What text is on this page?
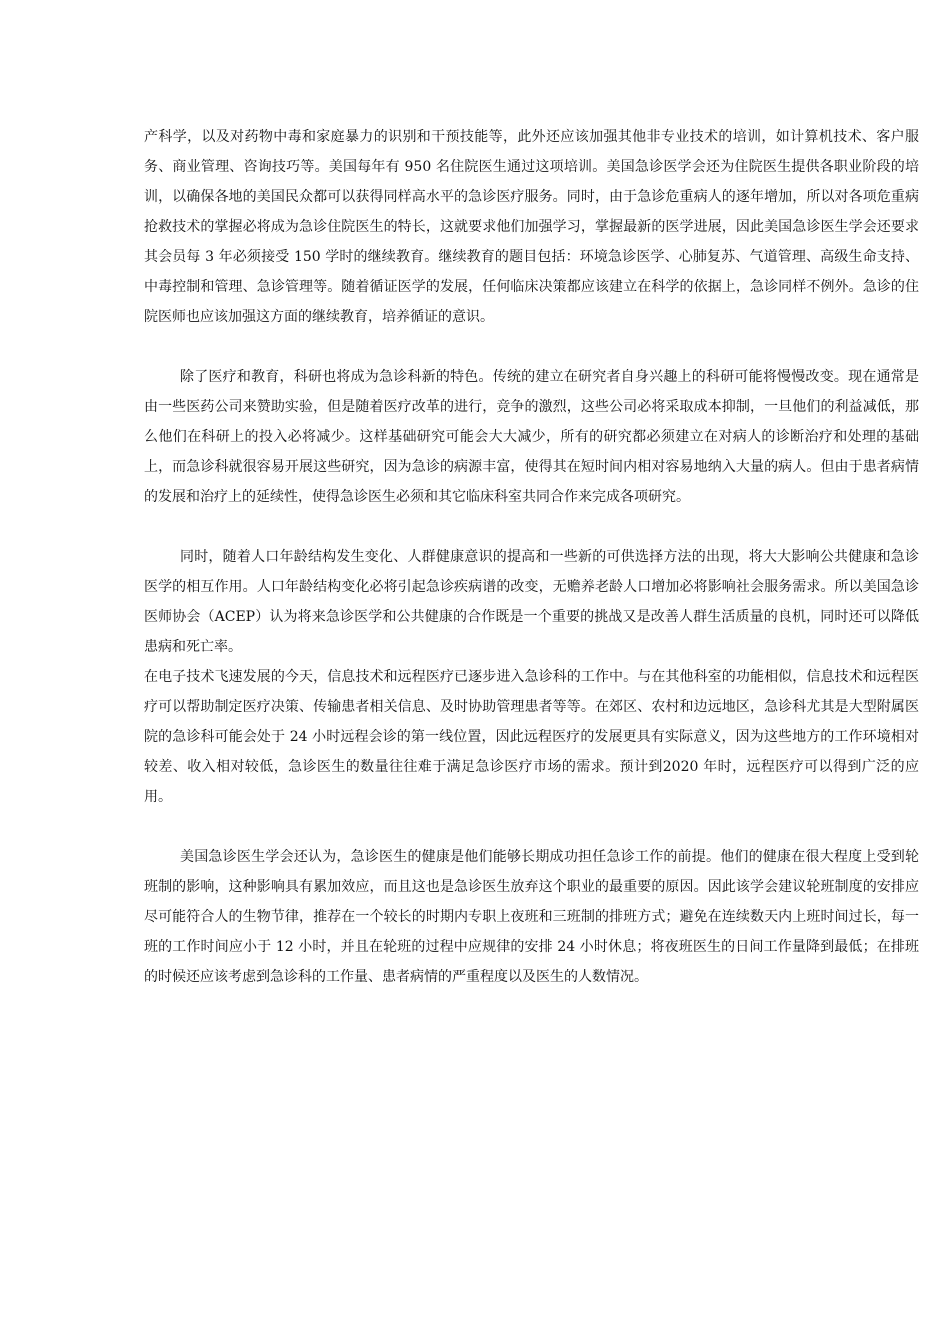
产科学，以及对药物中毒和家庭暴力的识别和干预技能等，此外还应该加强其他非专业技术的培训，如计算机技术、客户服务、商业管理、咨询技巧等。美国每年有 950 名住院医生通过这项培训。美国急诊医学会还为住院医生提供各职业阶段的培训，以确保各地的美国民众都可以获得同样高水平的急诊医疗服务。同时，由于急诊危重病人的逐年增加，所以对各项危重病抢救技术的掌握必将成为急诊住院医生的特长，这就要求他们加强学习，掌握最新的医学进展，因此美国急诊医生学会还要求其会员每 3 年必须接受 150 学时的继续教育。继续教育的题目包括：环境急诊医学、心肺复苏、气道管理、高级生命支持、中毒控制和管理、急诊管理等。随着循证医学的发展，任何临床决策都应该建立在科学的依据上，急诊同样不例外。急诊的住院医师也应该加强这方面的继续教育，培养循证的意识。

除了医疗和教育，科研也将成为急诊科新的特色。传统的建立在研究者自身兴趣上的科研可能将慢慢改变。现在通常是由一些医药公司来赞助实验，但是随着医疗改革的进行，竞争的激烈，这些公司必将采取成本抑制，一旦他们的利益减低，那么他们在科研上的投入必将减少。这样基础研究可能会大大减少，所有的研究都必须建立在对病人的诊断治疗和处理的基础上，而急诊科就很容易开展这些研究，因为急诊的病源丰富，使得其在短时间内相对容易地纳入大量的病人。但由于患者病情的发展和治疗上的延续性，使得急诊医生必须和其它临床科室共同合作来完成各项研究。

同时，随着人口年龄结构发生变化、人群健康意识的提高和一些新的可供选择方法的出现，将大大影响公共健康和急诊医学的相互作用。人口年龄结构变化必将引起急诊疾病谱的改变，无赡养老龄人口增加必将影响社会服务需求。所以美国急诊医师协会（ACEP）认为将来急诊医学和公共健康的合作既是一个重要的挑战又是改善人群生活质量的良机，同时还可以降低患病和死亡率。

在电子技术飞速发展的今天，信息技术和远程医疗已逐步进入急诊科的工作中。与在其他科室的功能相似，信息技术和远程医疗可以帮助制定医疗决策、传输患者相关信息、及时协助管理患者等等。在郊区、农村和边远地区，急诊科尤其是大型附属医院的急诊科可能会处于 24 小时远程会诊的第一线位置，因此远程医疗的发展更具有实际意义，因为这些地方的工作环境相对较差、收入相对较低，急诊医生的数量往往难于满足急诊医疗市场的需求。预计到2020 年时，远程医疗可以得到广泛的应用。

美国急诊医生学会还认为，急诊医生的健康是他们能够长期成功担任急诊工作的前提。他们的健康在很大程度上受到轮班制的影响，这种影响具有累加效应，而且这也是急诊医生放弃这个职业的最重要的原因。因此该学会建议轮班制度的安排应尽可能符合人的生物节律，推荐在一个较长的时期内专职上夜班和三班制的排班方式；避免在连续数天内上班时间过长，每一班的工作时间应小于 12 小时，并且在轮班的过程中应规律的安排 24 小时休息；将夜班医生的日间工作量降到最低；在排班的时候还应该考虑到急诊科的工作量、患者病情的严重程度以及医生的人数情况。
